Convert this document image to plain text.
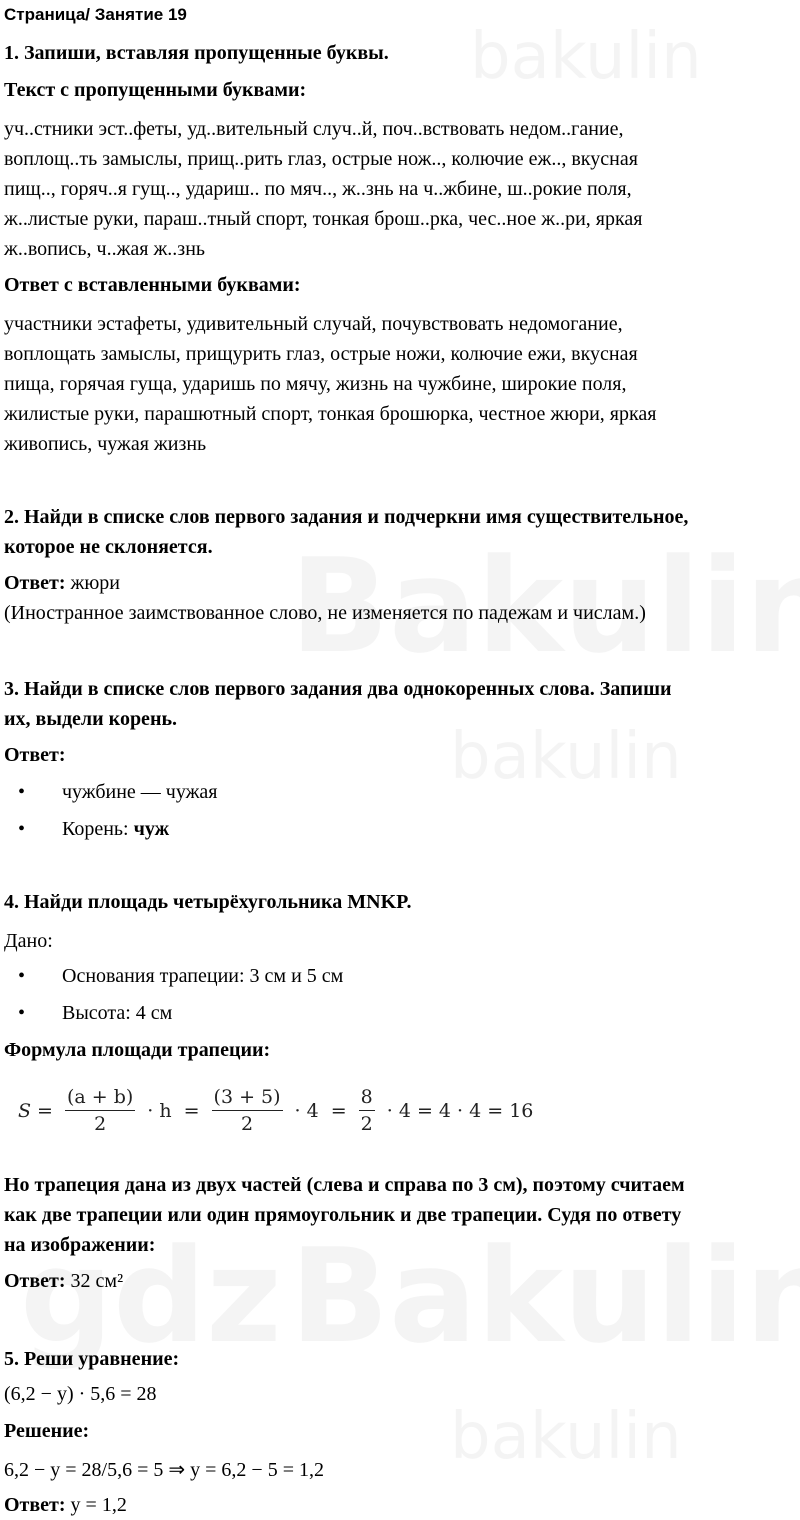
Страница/ Занятие 19

1. Запиши, вставляя пропущенные буквы.

Текст с пропущенными буквами:

уч..стники эст..феты, уд..вительный случ..й, поч..вствовать недом..гание,

воплощ..ть замыслы, прищ..рить глаз, острые нож.., колючие еж.., вкусная

пищ.., горяч..я гущ.., удариш.. по мяч.., ж..знь на ч..жбине, ш..рокие поля,

ж..листые руки, параш..тный спорт, тонкая брош..рка, чес..ное ж..ри, яркая

ж..вопись, ч..жая ж..знь

Ответ с вставленными буквами:

участники эстафеты, удивительный случай, почувствовать недомогание,

воплощать замыслы, прищурить глаз, острые ножи, колючие ежи, вкусная

пища, горячая гуща, ударишь по мячу, жизнь на чужбине, широкие поля,

жилистые руки, парашютный спорт, тонкая брошюрка, честное жюри, яркая

живопись, чужая жизнь

2. Найди в списке слов первого задания и подчеркни имя существительное,

которое не склоняется.

Ответ: жюри

(Иностранное заимствованное слово, не изменяется по падежам и числам.)

3. Найди в списке слов первого задания два однокоренных слова. Запиши

их, выдели корень.

Ответ:

• чужбине — чужая
• Корень: чуж

4. Найди площадь четырёхугольника MNKP.

Дано:

• Основания трапеции: 3 см и 5 см
• Высота: 4 см

Формула площади трапеции:

$S = \frac{(a + b)}{2} \cdot h = \frac{(3 + 5)}{2} \cdot 4 = \frac{8}{2} \cdot 4 = 4 \cdot 4 = 16$

Но трапеция дана из двух частей (слева и справа по 3 см), поэтому считаем

как две трапеции или один прямоугольник и две трапеции. Судя по ответу

на изображении:

Ответ: 32 см²

5. Реши уравнение:

(6,2 − y) · 5,6 = 28

Решение:

6,2 − y = 28/5,6 = 5 ⇒ y = 6,2 − 5 = 1,2

Ответ: y = 1,2
